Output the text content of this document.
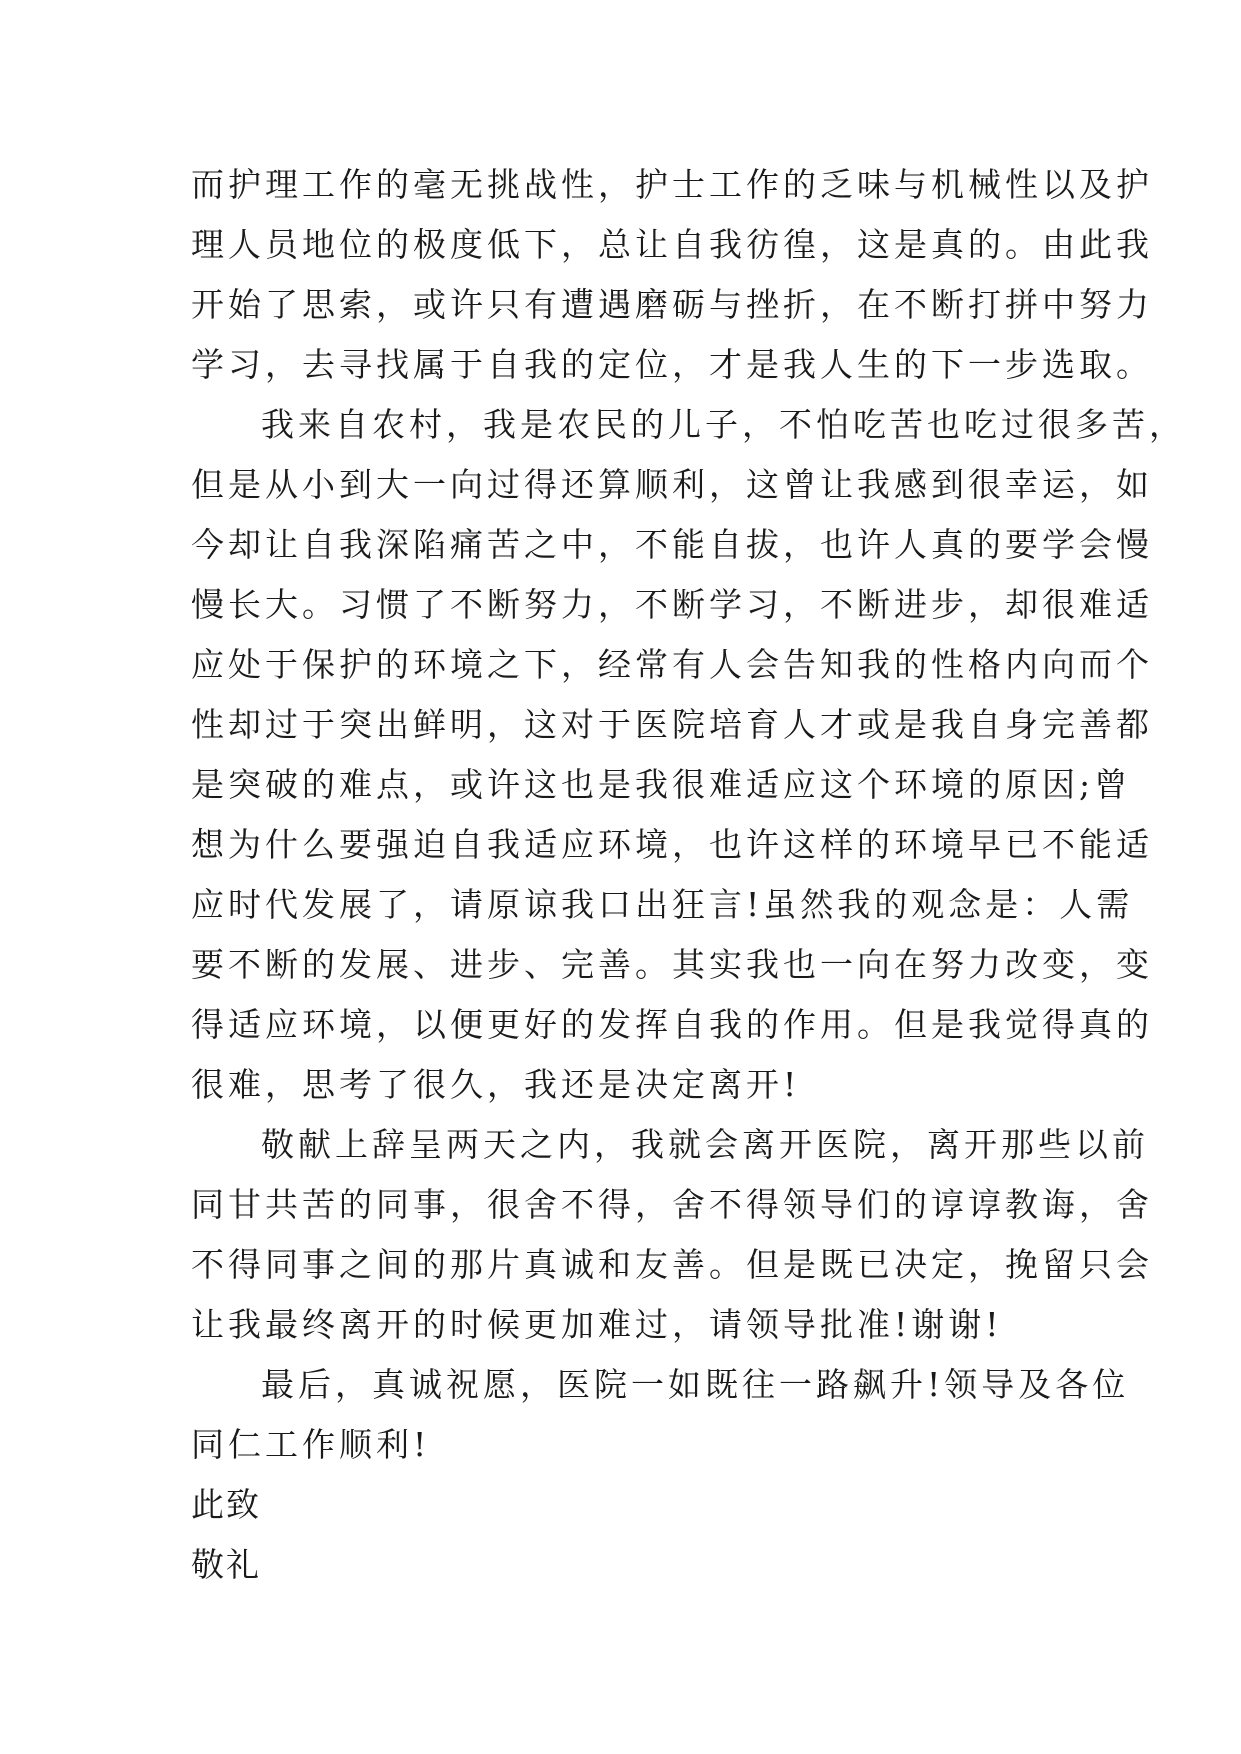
而护理工作的毫无挑战性，护士工作的乏味与机械性以及护
理人员地位的极度低下，总让自我彷徨，这是真的。由此我
开始了思索，或许只有遭遇磨砺与挫折，在不断打拼中努力
学习，去寻找属于自我的定位，才是我人生的下一步选取。
我来自农村，我是农民的儿子，不怕吃苦也吃过很多苦，
但是从小到大一向过得还算顺利，这曾让我感到很幸运，如
今却让自我深陷痛苦之中，不能自拔，也许人真的要学会慢
慢长大。习惯了不断努力，不断学习，不断进步，却很难适
应处于保护的环境之下，经常有人会告知我的性格内向而个
性却过于突出鲜明，这对于医院培育人才或是我自身完善都
是突破的难点，或许这也是我很难适应这个环境的原因;曾
想为什么要强迫自我适应环境，也许这样的环境早已不能适
应时代发展了，请原谅我口出狂言!虽然我的观念是：人需
要不断的发展、进步、完善。其实我也一向在努力改变，变
得适应环境，以便更好的发挥自我的作用。但是我觉得真的
很难，思考了很久，我还是决定离开!
敬献上辞呈两天之内，我就会离开医院，离开那些以前
同甘共苦的同事，很舍不得，舍不得领导们的谆谆教诲，舍
不得同事之间的那片真诚和友善。但是既已决定，挽留只会
让我最终离开的时候更加难过，请领导批准!谢谢!
最后，真诚祝愿，医院一如既往一路飙升!领导及各位
同仁工作顺利!
此致
敬礼
